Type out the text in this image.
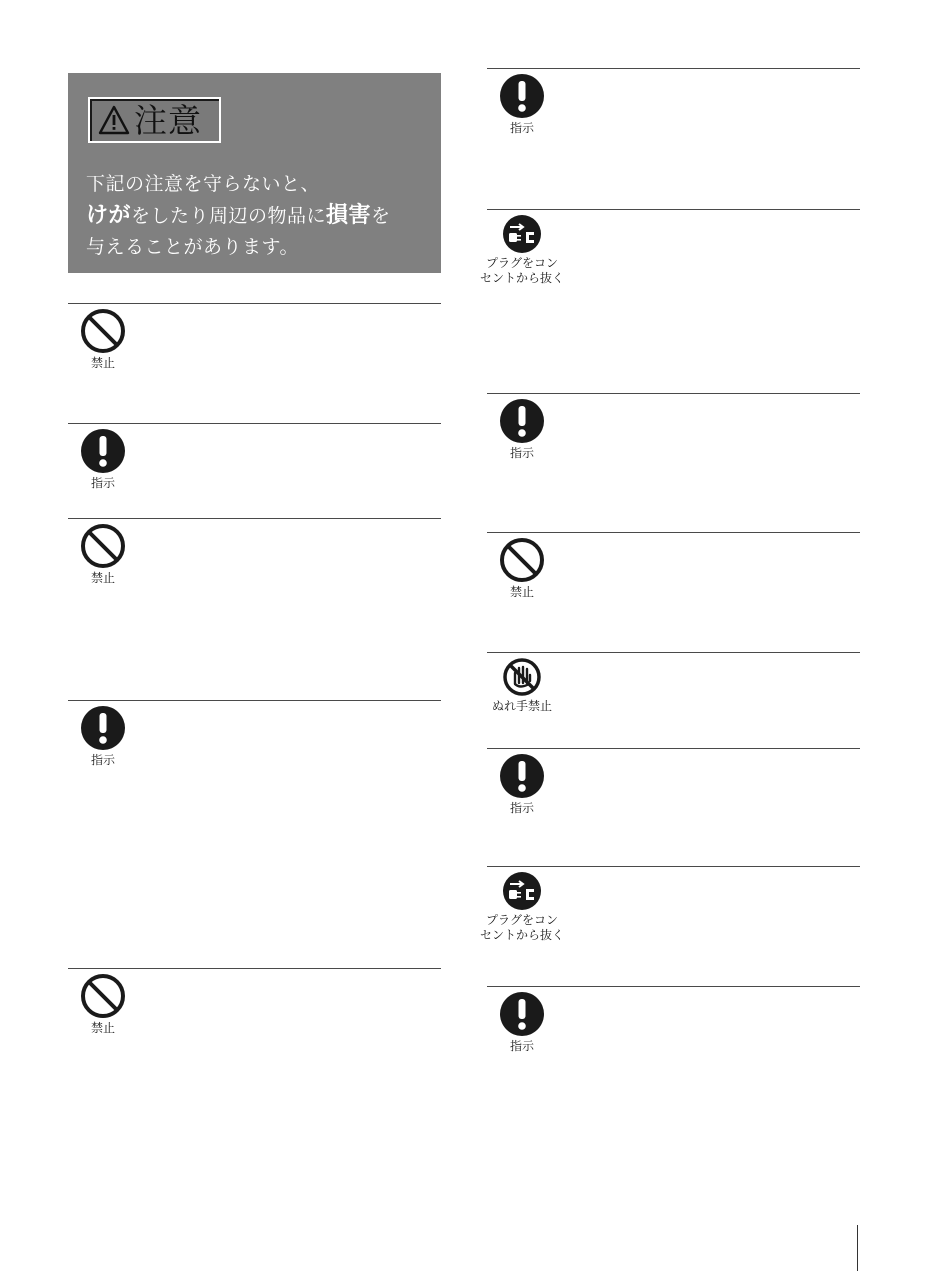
注意
下記の注意を守らないと、
けがをしたり周辺の物品に損害を
与えることがあります。
禁止
指示
禁止
指示
禁止
指示
プラグをコン
セントから抜く
指示
禁止
ぬれ手禁止
指示
プラグをコン
セントから抜く
指示
